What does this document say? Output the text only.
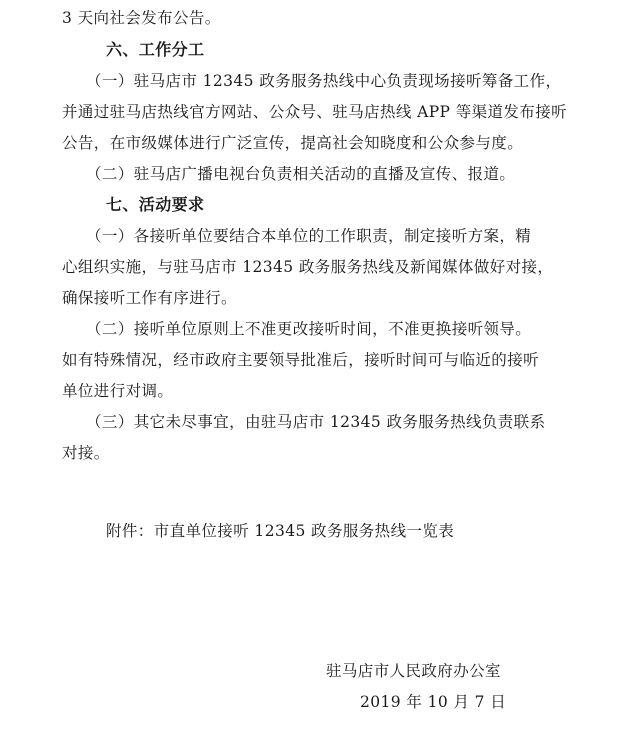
3 天向社会发布公告。
六、工作分工
（一）驻马店市 12345 政务服务热线中心负责现场接听筹备工作，
并通过驻马店热线官方网站、公众号、驻马店热线 APP 等渠道发布接听
公告，在市级媒体进行广泛宣传，提高社会知晓度和公众参与度。
（二）驻马店广播电视台负责相关活动的直播及宣传、报道。
七、活动要求
（一）各接听单位要结合本单位的工作职责，制定接听方案，精
心组织实施，与驻马店市 12345 政务服务热线及新闻媒体做好对接，
确保接听工作有序进行。
（二）接听单位原则上不准更改接听时间，不准更换接听领导。
如有特殊情况，经市政府主要领导批准后，接听时间可与临近的接听
单位进行对调。
（三）其它未尽事宜，由驻马店市 12345 政务服务热线负责联系
对接。
附件：市直单位接听 12345 政务服务热线一览表
驻马店市人民政府办公室
2019 年 10 月 7 日
